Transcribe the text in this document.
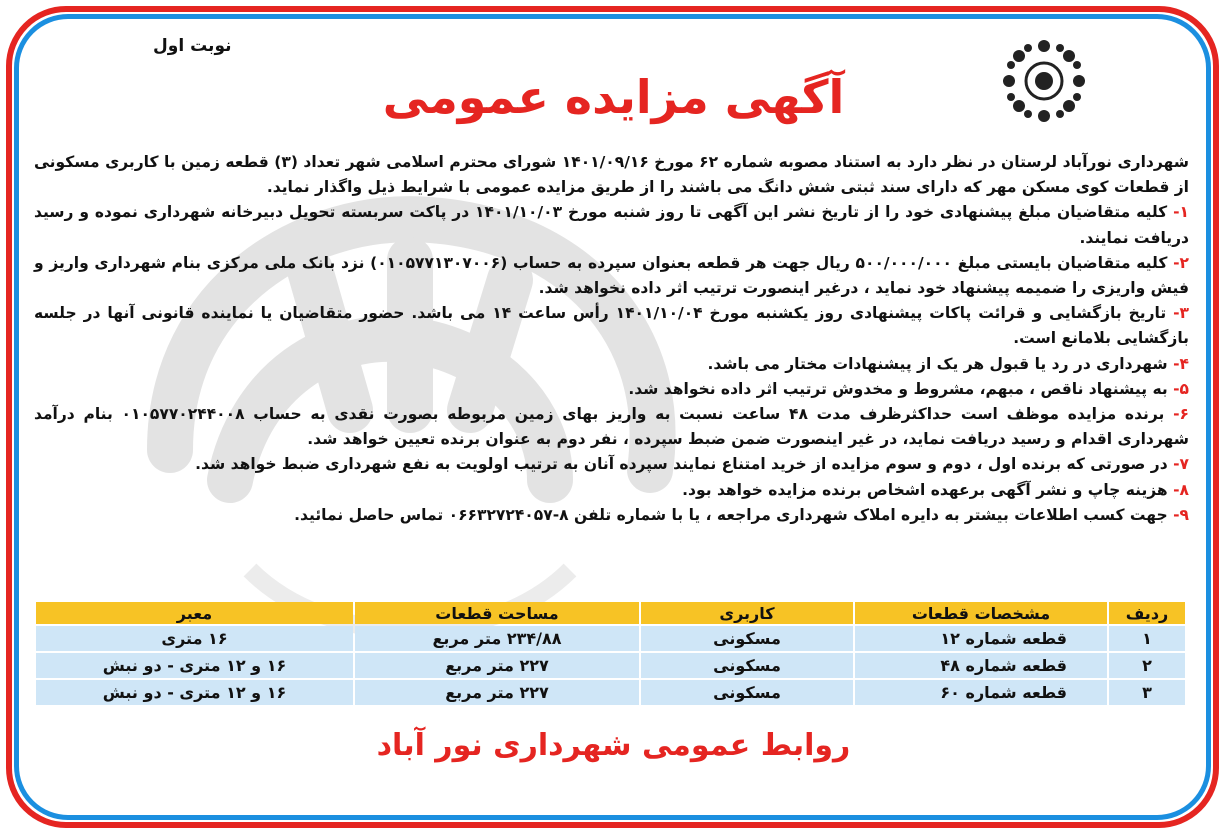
نوبت اول
آگهی مزایده عمومی

شهرداری نورآباد لرستان در نظر دارد به استناد مصوبه شماره ۶۲ مورخ ۱۴۰۱/۰۹/۱۶ شورای محترم اسلامی شهر تعداد (۳) قطعه زمین با کاربری مسکونی از قطعات کوی مسکن مهر که دارای سند ثبتی شش دانگ می باشند را از طریق مزایده عمومی با شرایط ذیل واگذار نماید.

۱- کلیه متقاضیان مبلغ پیشنهادی خود را از تاریخ نشر این آگهی تا روز شنبه مورخ ۱۴۰۱/۱۰/۰۳ در پاکت سربسته تحویل دبیرخانه شهرداری نموده و رسید دریافت نمایند.

۲- کلیه متقاضیان بایستی مبلغ ۵۰۰/۰۰۰/۰۰۰ ریال جهت هر قطعه بعنوان سپرده به حساب (۰۱۰۵۷۷۱۳۰۷۰۰۶) نزد بانک ملی مرکزی بنام شهرداری واریز و فیش واریزی را ضمیمه پیشنهاد خود نماید ، درغیر اینصورت ترتیب اثر داده نخواهد شد.

۳- تاریخ بازگشایی و قرائت پاکات پیشنهادی روز یکشنبه مورخ ۱۴۰۱/۱۰/۰۴ رأس ساعت ۱۴ می باشد. حضور متقاضیان یا نماینده قانونی آنها در جلسه بازگشایی بلامانع است.

۴- شهرداری در رد یا قبول هر یک از پیشنهادات مختار می باشد.

۵- به پیشنهاد ناقص ، مبهم، مشروط و مخدوش ترتیب اثر داده نخواهد شد.

۶- برنده مزایده موظف است حداکثرظرف مدت ۴۸ ساعت نسبت به واریز بهای زمین مربوطه بصورت نقدی به حساب ۰۱۰۵۷۷۰۲۴۴۰۰۸ بنام درآمد شهرداری اقدام و رسید دریافت نماید، در غیر اینصورت ضمن ضبط سپرده ، نفر دوم به عنوان برنده تعیین خواهد شد.

۷- در صورتی که برنده اول ، دوم و سوم مزایده از خرید امتناع نمایند سپرده آنان به ترتیب اولویت به نفع شهرداری ضبط خواهد شد.

۸- هزینه چاپ و نشر آگهی برعهده اشخاص برنده مزایده خواهد بود.

۹- جهت کسب اطلاعات بیشتر به دایره املاک شهرداری مراجعه ، یا با شماره تلفن ۸-۰۶۶۳۲۷۲۴۰۵۷ تماس حاصل نمائید.

ردیف	مشخصات قطعات	کاربری	مساحت قطعات	معبر
۱	قطعه شماره ۱۲	مسکونی	۲۳۴/۸۸ متر مربع	۱۶ متری
۲	قطعه شماره ۴۸	مسکونی	۲۲۷ متر مربع	۱۶ و ۱۲ متری - دو نبش
۳	قطعه شماره ۶۰	مسکونی	۲۲۷ متر مربع	۱۶ و ۱۲ متری - دو نبش
روابط عمومی شهرداری نور آباد
